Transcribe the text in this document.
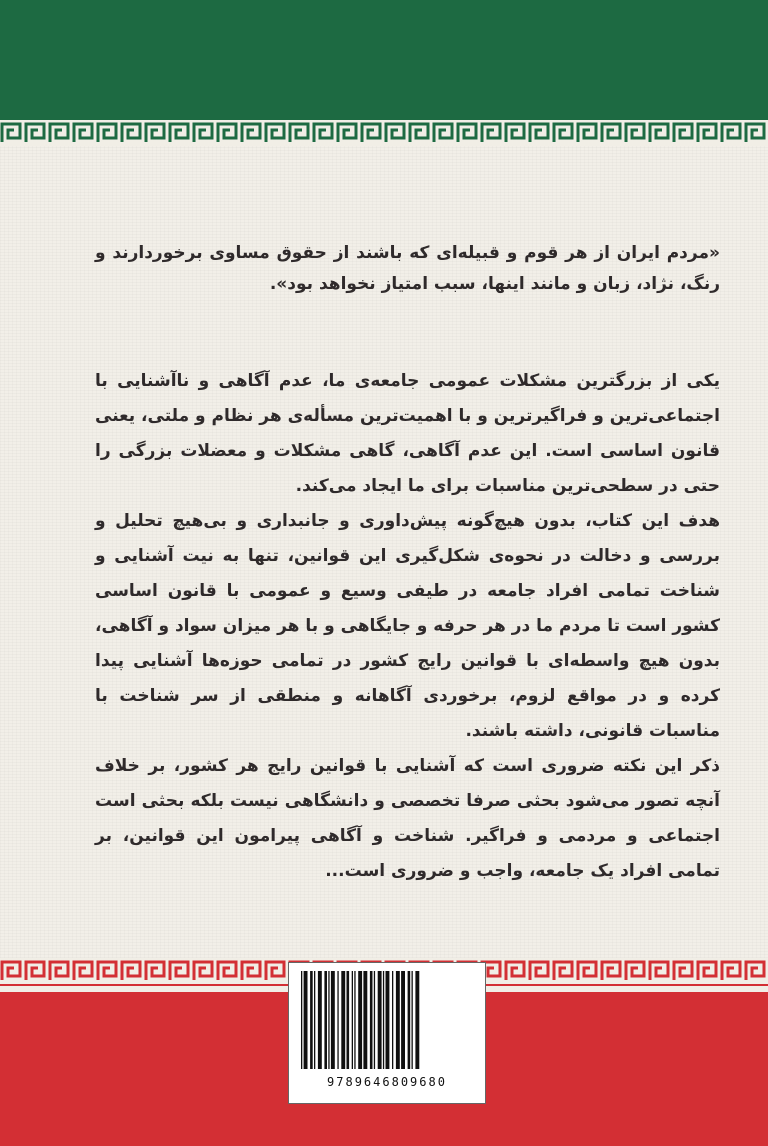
«مردم ایران از هر قوم و قبیله‌ای که باشند از حقوق مساوی برخوردارند و رنگ، نژاد، زبان و مانند اینها، سبب امتیاز نخواهد بود».

یکی از بزرگترین مشکلات عمومی جامعه‌ی ما، عدم آگاهی و ناآشنایی با اجتماعی‌ترین و فراگیرترین و با اهمیت‌ترین مسأله‌ی هر نظام و ملتی، یعنی قانون اساسی است. این عدم آگاهی، گاهی مشکلات و معضلات بزرگی را حتی در سطحی‌ترین مناسبات برای ما ایجاد می‌کند.

هدف این کتاب، بدون هیچ‌گونه پیش‌داوری و جانبداری و بی‌هیچ تحلیل و بررسی و دخالت در نحوه‌ی شکل‌گیری این قوانین، تنها به نیت آشنایی و شناخت تمامی افراد جامعه در طیفی وسیع و عمومی با قانون اساسی کشور است تا مردم ما در هر حرفه و جایگاهی و با هر میزان سواد و آگاهی، بدون هیچ واسطه‌ای با قوانین رایج کشور در تمامی حوزه‌ها آشنایی پیدا کرده و در مواقع لزوم، برخوردی آگاهانه و منطقی از سر شناخت با مناسبات قانونی، داشته باشند.

ذکر این نکته ضروری است که آشنایی با قوانین رایج هر کشور، بر خلاف آنچه تصور می‌شود بحثی صرفا تخصصی و دانشگاهی نیست بلکه بحثی است اجتماعی و مردمی و فراگیر. شناخت و آگاهی پیرامون این قوانین، بر تمامی افراد یک جامعه، واجب و ضروری است...

9789646809680
